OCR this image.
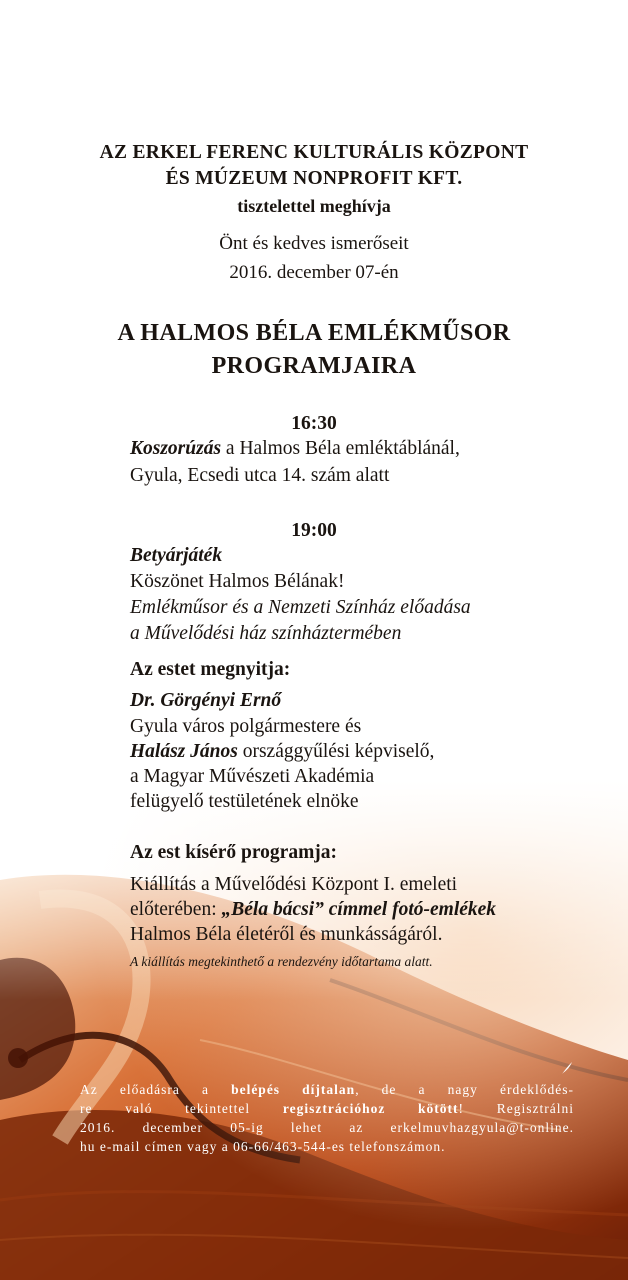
AZ ERKEL FERENC KULTURÁLIS KÖZPONT
ÉS MÚZEUM NONPROFIT KFT.
tisztelettel meghívja
Önt és kedves ismerőseit
2016. december 07-én
A HALMOS BÉLA EMLÉKMŰSOR
PROGRAMJAIRA
16:30
Koszorúzás a Halmos Béla emléktáblánál,
Gyula, Ecsedi utca 14. szám alatt
19:00
Betyárjáték
Köszönet Halmos Bélának!
Emlékműsor és a Nemzeti Színház előadása
a Művelődési ház színháztermében
Az estet megnyitja:
Dr. Görgényi Ernő
Gyula város polgármestere és
Halász János országgyűlési képviselő,
a Magyar Művészeti Akadémia
felügyelő testületének elnöke
Az est kísérő programja:
Kiállítás a Művelődési Központ I. emeleti
előterében: „Béla bácsi” címmel fotó-emlékek
Halmos Béla életéről és munkásságáról.
A kiállítás megtekinthető a rendezvény időtartama alatt.
Az előadásra a belépés díjtalan, de a nagy érdeklődés-
re való tekintettel regisztrációhoz kötött! Regisztrálni
2016. december 05-ig lehet az erkelmuvhazgyula@t-online.
hu e-mail címen vagy a 06-66/463-544-es telefonszámon.
